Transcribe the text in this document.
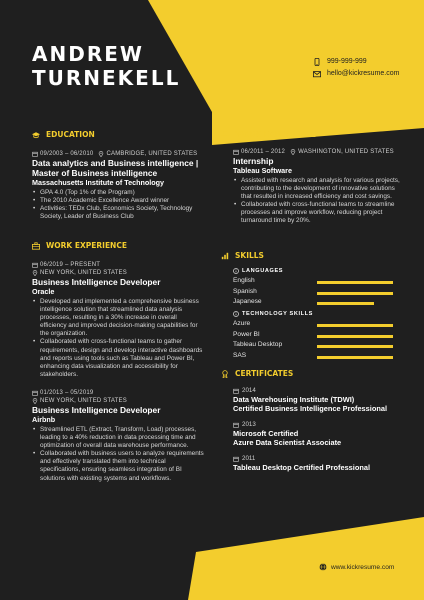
ANDREW
TURNEKELL
999-999-999
hello@kickresume.com
EDUCATION
09/2003 – 06/2010 CAMBRIDGE, UNITED STATES
Data analytics and Business intelligence | Master of Business intelligence
Massachusetts Institute of Technology
• GPA 4.0 (Top 1% of the Program)
• The 2010 Academic Excellence Award winner
• Activities: TEDx Club, Economics Society, Technology Society, Leader of Business Club
WORK EXPERIENCE
06/2019 – PRESENT
NEW YORK, UNITED STATES
Business Intelligence Developer
Oracle
• Developed and implemented a comprehensive business intelligence solution that streamlined data analysis processes, resulting in a 30% increase in overall efficiency and improved decision-making capabilities for the organization.
• Collaborated with cross-functional teams to gather requirements, design and develop interactive dashboards and reports using tools such as Tableau and Power BI, enhancing data visualization and accessibility for stakeholders.
01/2013 – 05/2019
NEW YORK, UNITED STATES
Business Intelligence Developer
Airbnb
• Streamlined ETL (Extract, Transform, Load) processes, leading to a 40% reduction in data processing time and optimization of overall data warehouse performance.
• Collaborated with business users to analyze requirements and effectively translated them into technical specifications, ensuring seamless integration of BI solutions with existing systems and workflows.
WORK EXPERIENCE
06/2011 – 2012 WASHINGTON, UNITED STATES
Internship
Tableau Software
• Assisted with research and analysis for various projects, contributing to the development of innovative solutions that resulted in increased efficiency and cost savings.
• Collaborated with cross-functional teams to streamline processes and improve workflow, reducing project turnaround time by 20%.
SKILLS
LANGUAGES
English
Spanish
Japanese
TECHNOLOGY SKILLS
Azure
Power BI
Tableau Desktop
SAS
CERTIFICATES
2014
Data Warehousing Institute (TDWI)
Certified Business Intelligence Professional
2013
Microsoft Certified
Azure Data Scientist Associate
2011
Tableau Desktop Certified Professional
www.kickresume.com
